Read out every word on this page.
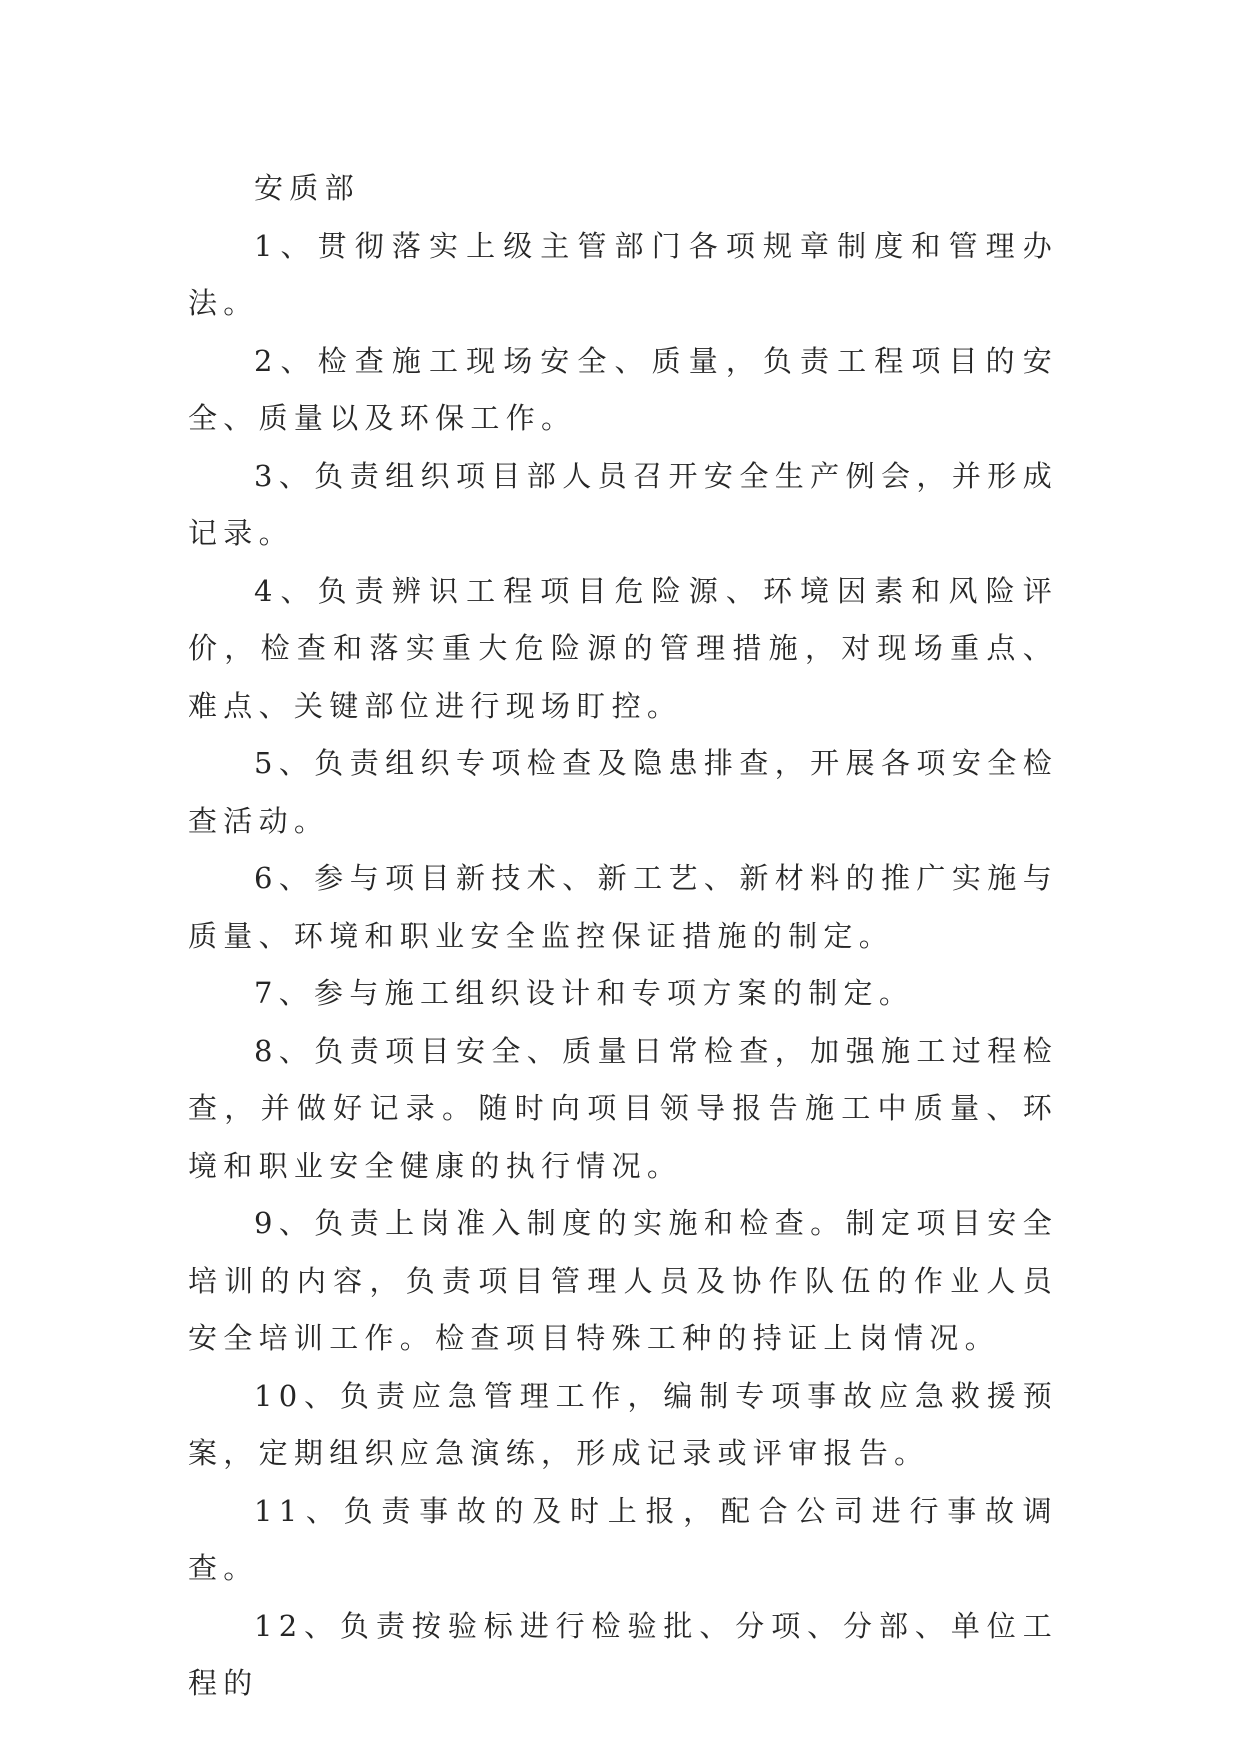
安质部

1、贯彻落实上级主管部门各项规章制度和管理办法。

2、检查施工现场安全、质量，负责工程项目的安全、质量以及环保工作。

3、负责组织项目部人员召开安全生产例会，并形成记录。

4、负责辨识工程项目危险源、环境因素和风险评价，检查和落实重大危险源的管理措施，对现场重点、难点、关键部位进行现场盯控。

5、负责组织专项检查及隐患排查，开展各项安全检查活动。

6、参与项目新技术、新工艺、新材料的推广实施与质量、环境和职业安全监控保证措施的制定。

7、参与施工组织设计和专项方案的制定。

8、负责项目安全、质量日常检查，加强施工过程检查，并做好记录。随时向项目领导报告施工中质量、环境和职业安全健康的执行情况。

9、负责上岗准入制度的实施和检查。制定项目安全培训的内容，负责项目管理人员及协作队伍的作业人员安全培训工作。检查项目特殊工种的持证上岗情况。

10、负责应急管理工作，编制专项事故应急救援预案，定期组织应急演练，形成记录或评审报告。

11、负责事故的及时上报，配合公司进行事故调查。

12、负责按验标进行检验批、分项、分部、单位工程的
